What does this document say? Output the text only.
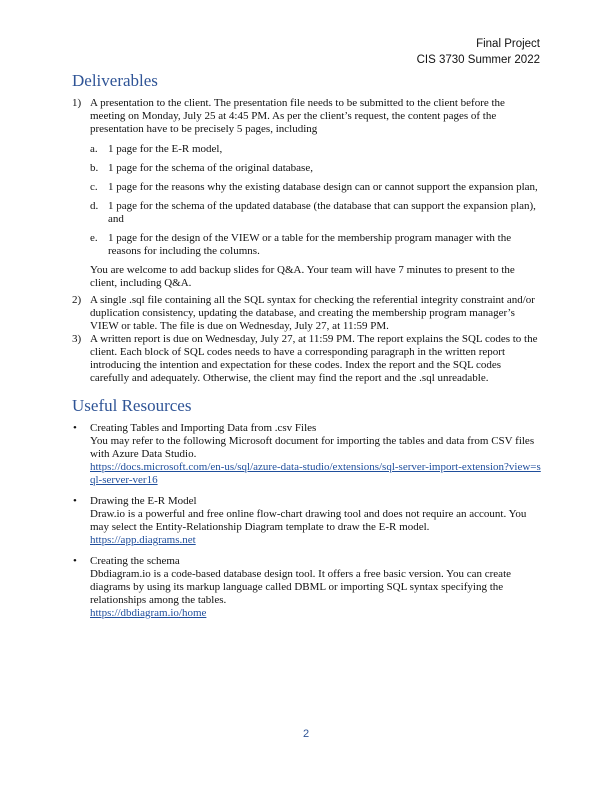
Final Project
CIS 3730 Summer 2022
Deliverables
1) A presentation to the client. The presentation file needs to be submitted to the client before the meeting on Monday, July 25 at 4:45 PM. As per the client’s request, the content pages of the presentation have to be precisely 5 pages, including
a. 1 page for the E-R model,
b. 1 page for the schema of the original database,
c. 1 page for the reasons why the existing database design can or cannot support the expansion plan,
d. 1 page for the schema of the updated database (the database that can support the expansion plan), and
e. 1 page for the design of the VIEW or a table for the membership program manager with the reasons for including the columns.
You are welcome to add backup slides for Q&A. Your team will have 7 minutes to present to the client, including Q&A.
2) A single .sql file containing all the SQL syntax for checking the referential integrity constraint and/or duplication consistency, updating the database, and creating the membership program manager’s VIEW or table. The file is due on Wednesday, July 27, at 11:59 PM.
3) A written report is due on Wednesday, July 27, at 11:59 PM. The report explains the SQL codes to the client. Each block of SQL codes needs to have a corresponding paragraph in the written report introducing the intention and expectation for these codes. Index the report and the SQL codes carefully and adequately. Otherwise, the client may find the report and the .sql unreadable.
Useful Resources
• Creating Tables and Importing Data from .csv Files
You may refer to the following Microsoft document for importing the tables and data from CSV files with Azure Data Studio.
https://docs.microsoft.com/en-us/sql/azure-data-studio/extensions/sql-server-import-extension?view=sql-server-ver16
• Drawing the E-R Model
Draw.io is a powerful and free online flow-chart drawing tool and does not require an account. You may select the Entity-Relationship Diagram template to draw the E-R model.
https://app.diagrams.net
• Creating the schema
Dbdiagram.io is a code-based database design tool. It offers a free basic version. You can create diagrams by using its markup language called DBML or importing SQL syntax specifying the relationships among the tables.
https://dbdiagram.io/home
2
